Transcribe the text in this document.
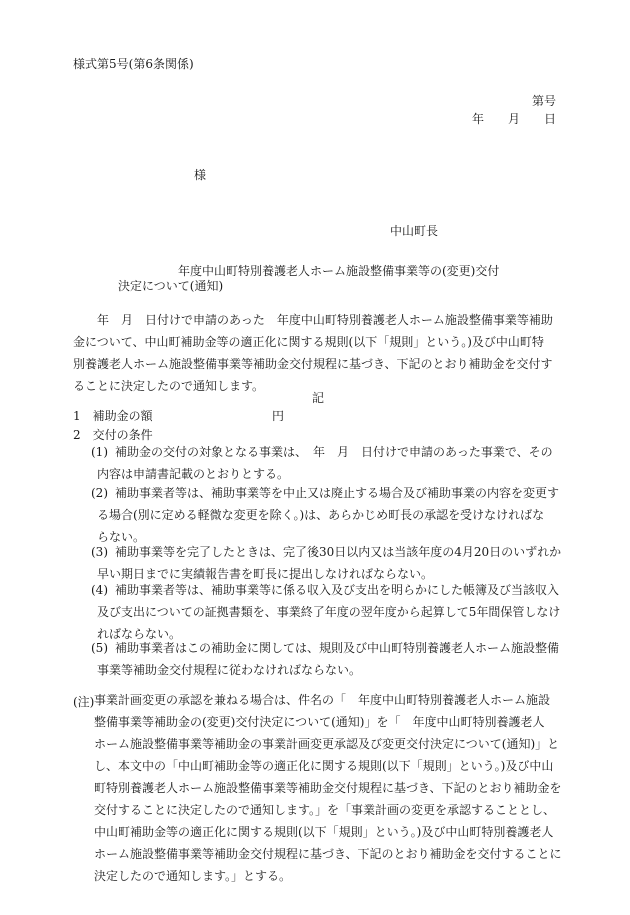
様式第5号(第6条関係)
第号
年　　月　　日
様
中山町長
年度中山町特別養護老人ホーム施設整備事業等の(変更)交付
決定について(通知)
年　月　日付けで申請のあった　年度中山町特別養護老人ホーム施設整備事業等補助
金について、中山町補助金等の適正化に関する規則(以下「規則」という。)及び中山町特
別養護老人ホーム施設整備事業等補助金交付規程に基づき、下記のとおり補助金を交付す
ることに決定したので通知します。
記
1　補助金の額	円
2　交付の条件
(1) 補助金の交付の対象となる事業は、　年　月　日付けで申請のあった事業で、その
内容は申請書記載のとおりとする。
(2) 補助事業者等は、補助事業等を中止又は廃止する場合及び補助事業の内容を変更す
る場合(別に定める軽微な変更を除く。)は、あらかじめ町長の承認を受けなければな
らない。
(3) 補助事業等を完了したときは、完了後30日以内又は当該年度の4月20日のいずれか
早い期日までに実績報告書を町長に提出しなければならない。
(4) 補助事業者等は、補助事業等に係る収入及び支出を明らかにした帳簿及び当該収入
及び支出についての証拠書類を、事業終了年度の翌年度から起算して5年間保管しなけ
ればならない。
(5) 補助事業者はこの補助金に関しては、規則及び中山町特別養護老人ホーム施設整備
事業等補助金交付規程に従わなければならない。
(注) 事業計画変更の承認を兼ねる場合は、件名の「　年度中山町特別養護老人ホーム施設
整備事業等補助金の(変更)交付決定について(通知)」を「　年度中山町特別養護老人
ホーム施設整備事業等補助金の事業計画変更承認及び変更交付決定について(通知)」と
し、本文中の「中山町補助金等の適正化に関する規則(以下「規則」という。)及び中山
町特別養護老人ホーム施設整備事業等補助金交付規程に基づき、下記のとおり補助金を
交付することに決定したので通知します。」を「事業計画の変更を承認することとし、
中山町補助金等の適正化に関する規則(以下「規則」という。)及び中山町特別養護老人
ホーム施設整備事業等補助金交付規程に基づき、下記のとおり補助金を交付することに
決定したので通知します。」とする。
